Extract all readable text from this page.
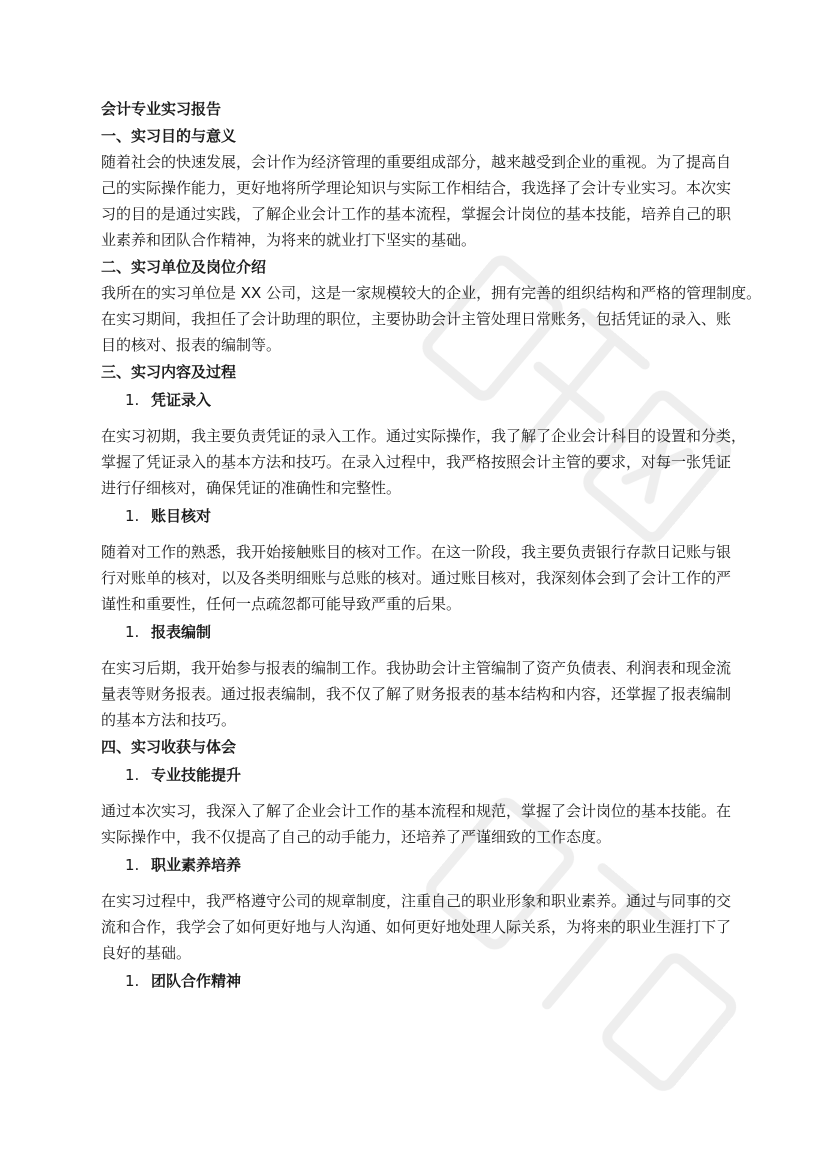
会计专业实习报告
一、实习目的与意义
随着社会的快速发展，会计作为经济管理的重要组成部分，越来越受到企业的重视。为了提高自
己的实际操作能力，更好地将所学理论知识与实际工作相结合，我选择了会计专业实习。本次实
习的目的是通过实践，了解企业会计工作的基本流程，掌握会计岗位的基本技能，培养自己的职
业素养和团队合作精神，为将来的就业打下坚实的基础。
二、实习单位及岗位介绍
我所在的实习单位是 XX 公司，这是一家规模较大的企业，拥有完善的组织结构和严格的管理制度。
在实习期间，我担任了会计助理的职位，主要协助会计主管处理日常账务，包括凭证的录入、账
目的核对、报表的编制等。
三、实习内容及过程
1. 凭证录入
在实习初期，我主要负责凭证的录入工作。通过实际操作，我了解了企业会计科目的设置和分类，
掌握了凭证录入的基本方法和技巧。在录入过程中，我严格按照会计主管的要求，对每一张凭证
进行仔细核对，确保凭证的准确性和完整性。
1. 账目核对
随着对工作的熟悉，我开始接触账目的核对工作。在这一阶段，我主要负责银行存款日记账与银
行对账单的核对，以及各类明细账与总账的核对。通过账目核对，我深刻体会到了会计工作的严
谨性和重要性，任何一点疏忽都可能导致严重的后果。
1. 报表编制
在实习后期，我开始参与报表的编制工作。我协助会计主管编制了资产负债表、利润表和现金流
量表等财务报表。通过报表编制，我不仅了解了财务报表的基本结构和内容，还掌握了报表编制
的基本方法和技巧。
四、实习收获与体会
1. 专业技能提升
通过本次实习，我深入了解了企业会计工作的基本流程和规范，掌握了会计岗位的基本技能。在
实际操作中，我不仅提高了自己的动手能力，还培养了严谨细致的工作态度。
1. 职业素养培养
在实习过程中，我严格遵守公司的规章制度，注重自己的职业形象和职业素养。通过与同事的交
流和合作，我学会了如何更好地与人沟通、如何更好地处理人际关系，为将来的职业生涯打下了
良好的基础。
1. 团队合作精神
